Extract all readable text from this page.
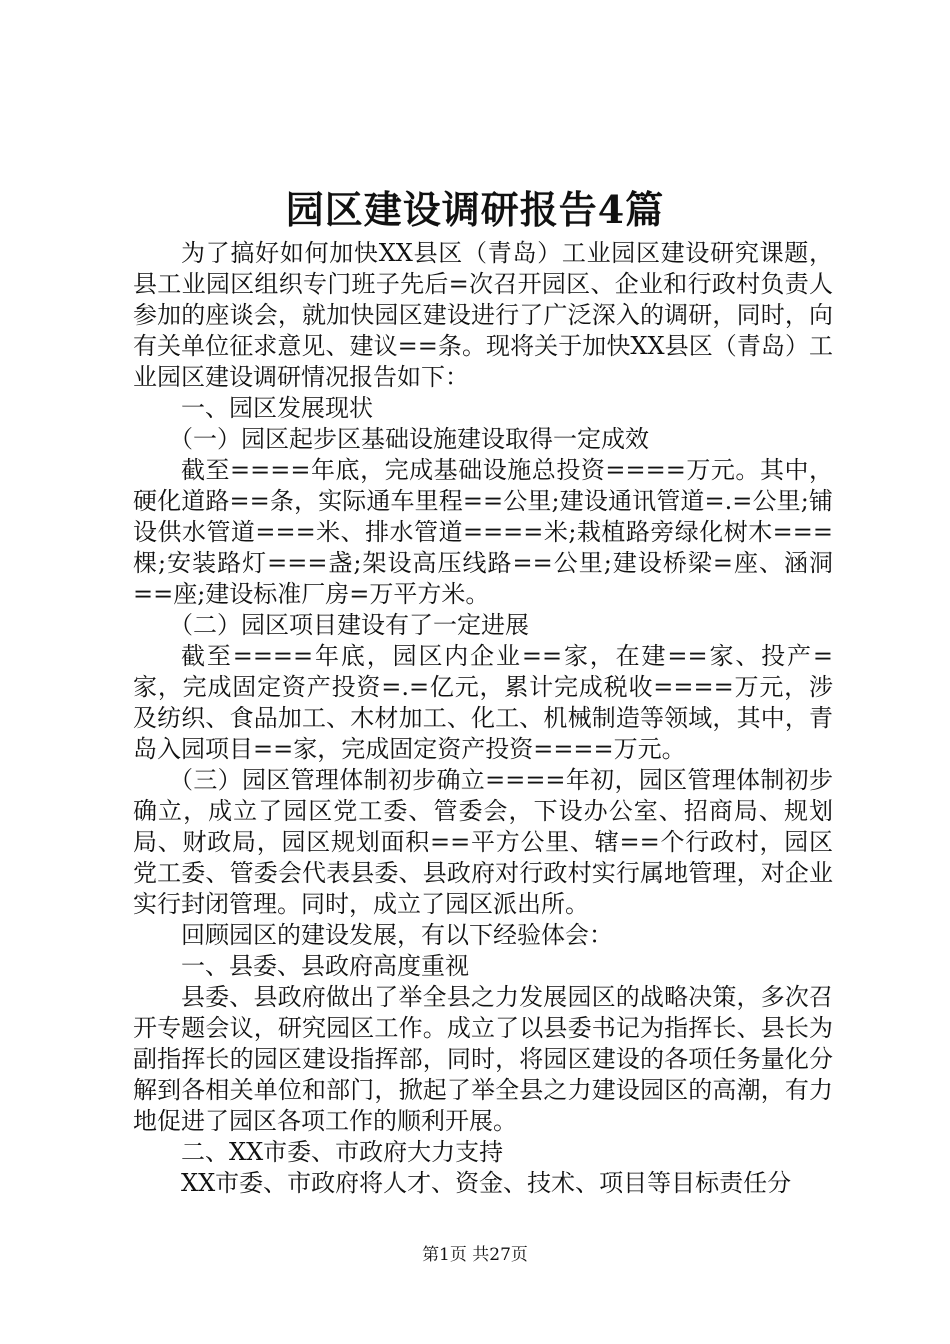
园区建设调研报告4篇

为了搞好如何加快XX县区（青岛）工业园区建设研究课题，县工业园区组织专门班子先后=次召开园区、企业和行政村负责人参加的座谈会，就加快园区建设进行了广泛深入的调研，同时，向有关单位征求意见、建议==条。现将关于加快XX县区（青岛）工业园区建设调研情况报告如下：

一、园区发展现状

（一）园区起步区基础设施建设取得一定成效

截至====年底，完成基础设施总投资====万元。其中，硬化道路==条，实际通车里程==公里;建设通讯管道=.=公里;铺设供水管道===米、排水管道====米;栽植路旁绿化树木===棵;安装路灯===盏;架设高压线路==公里;建设桥梁=座、涵洞==座;建设标准厂房=万平方米。

（二）园区项目建设有了一定进展

截至====年底，园区内企业==家，在建==家、投产=家，完成固定资产投资=.=亿元，累计完成税收====万元，涉及纺织、食品加工、木材加工、化工、机械制造等领域，其中，青岛入园项目==家，完成固定资产投资====万元。

（三）园区管理体制初步确立====年初，园区管理体制初步确立，成立了园区党工委、管委会，下设办公室、招商局、规划局、财政局，园区规划面积==平方公里、辖==个行政村，园区党工委、管委会代表县委、县政府对行政村实行属地管理，对企业实行封闭管理。同时，成立了园区派出所。

回顾园区的建设发展，有以下经验体会：

一、县委、县政府高度重视

县委、县政府做出了举全县之力发展园区的战略决策，多次召开专题会议，研究园区工作。成立了以县委书记为指挥长、县长为副指挥长的园区建设指挥部，同时，将园区建设的各项任务量化分解到各相关单位和部门，掀起了举全县之力建设园区的高潮，有力地促进了园区各项工作的顺利开展。

二、XX市委、市政府大力支持

XX市委、市政府将人才、资金、技术、项目等目标责任分

第1页 共27页
